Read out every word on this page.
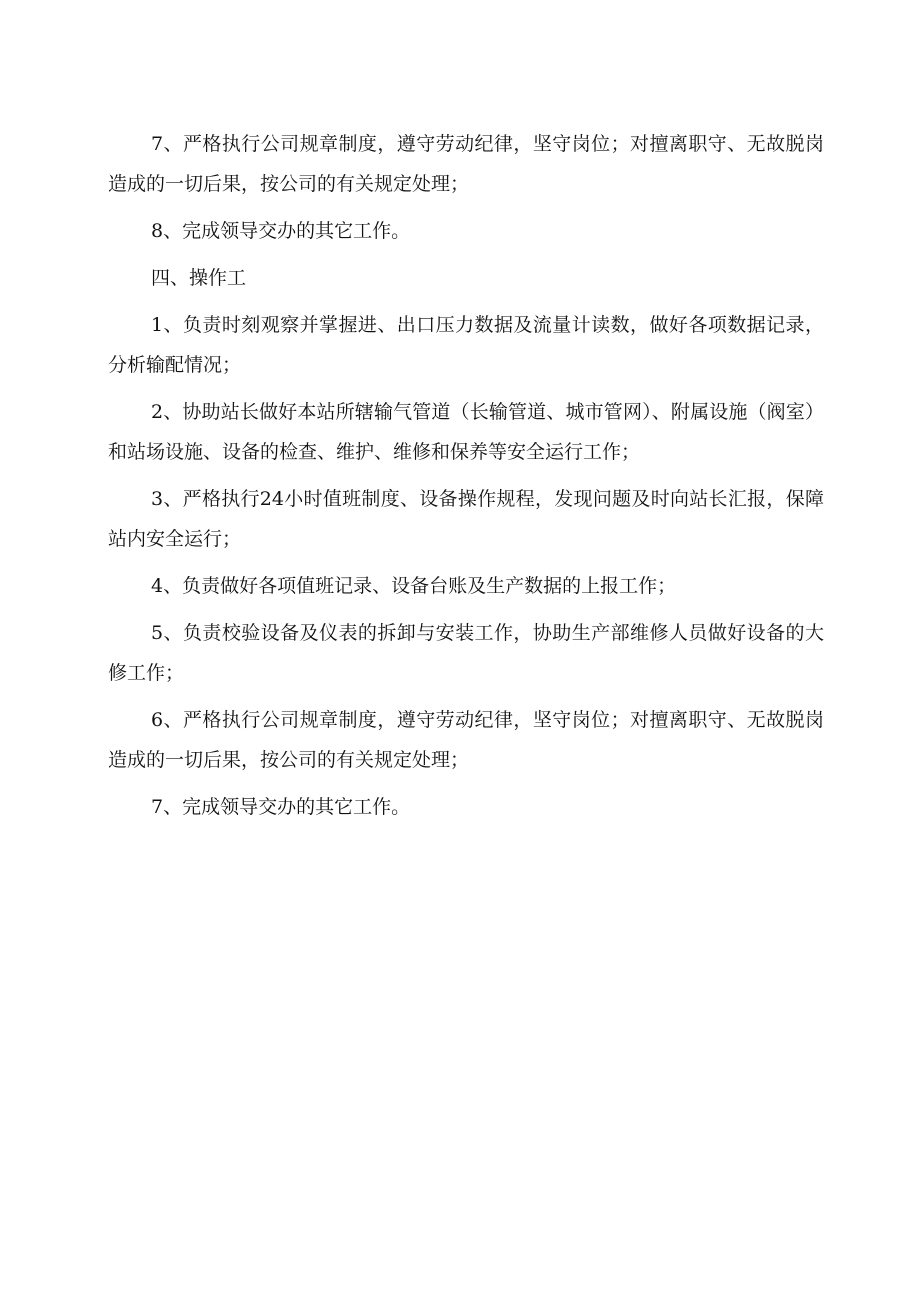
7、严格执行公司规章制度，遵守劳动纪律，坚守岗位；对擅离职守、无故脱岗造成的一切后果，按公司的有关规定处理；

8、完成领导交办的其它工作。

四、操作工

1、负责时刻观察并掌握进、出口压力数据及流量计读数，做好各项数据记录，分析输配情况；

2、协助站长做好本站所辖输气管道（长输管道、城市管网）、附属设施（阀室）和站场设施、设备的检查、维护、维修和保养等安全运行工作；

3、严格执行24小时值班制度、设备操作规程，发现问题及时向站长汇报，保障站内安全运行；

4、负责做好各项值班记录、设备台账及生产数据的上报工作；

5、负责校验设备及仪表的拆卸与安装工作，协助生产部维修人员做好设备的大修工作；

6、严格执行公司规章制度，遵守劳动纪律，坚守岗位；对擅离职守、无故脱岗造成的一切后果，按公司的有关规定处理；

7、完成领导交办的其它工作。
